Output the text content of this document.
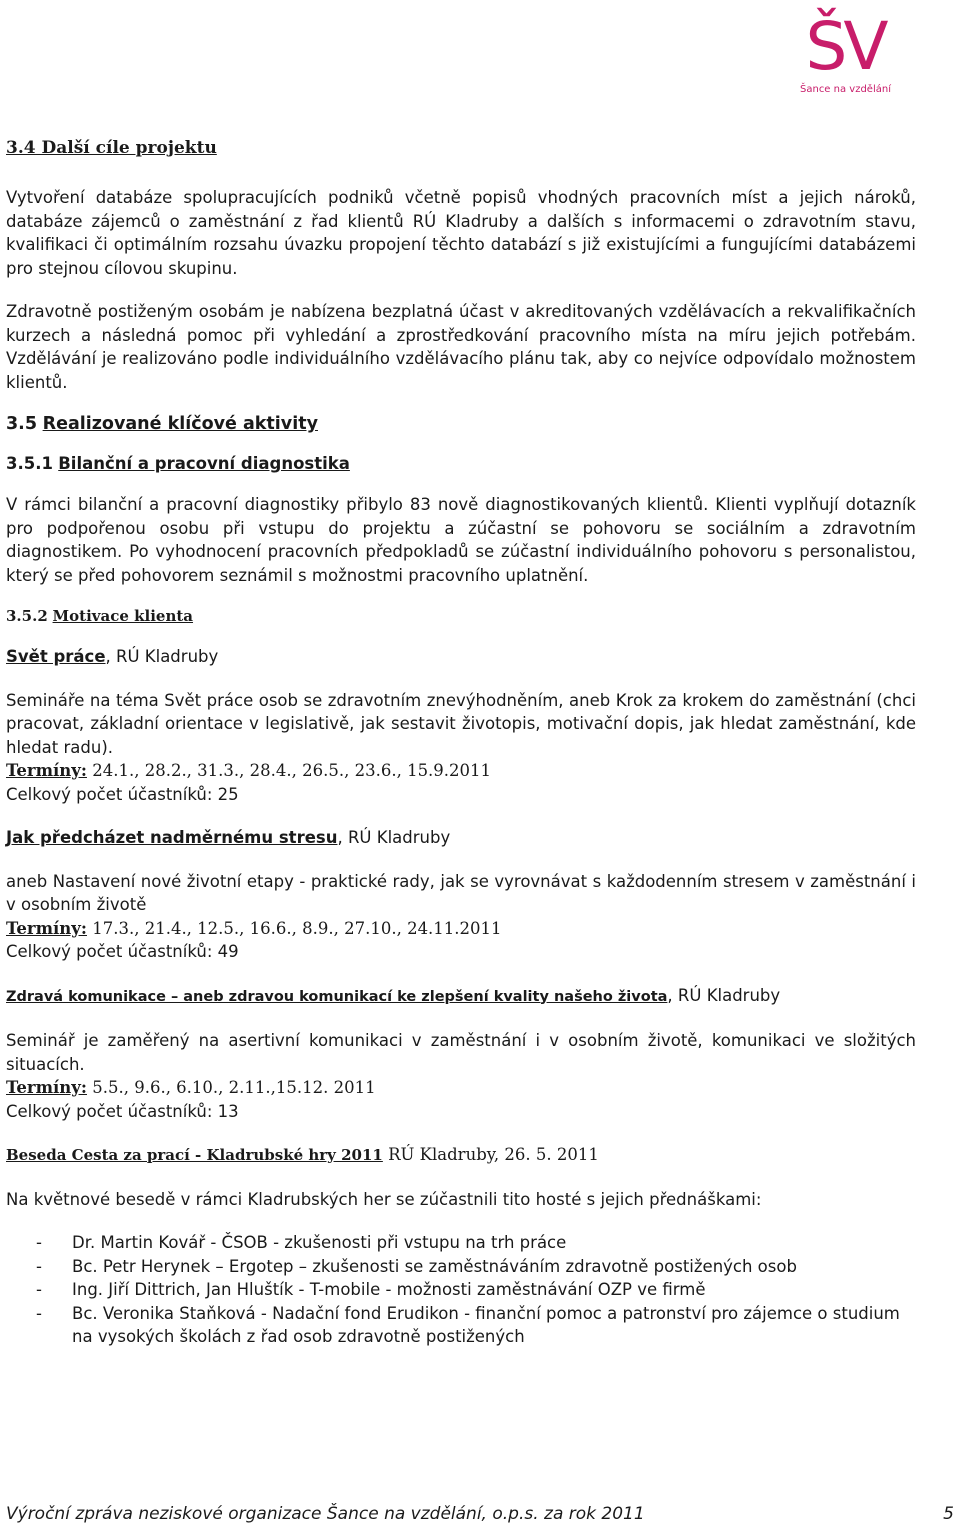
ŠV
Šance na vzdělání
3.4 Další cíle projektu

Vytvoření databáze spolupracujících podniků včetně popisů vhodných pracovních míst a jejich nároků, databáze zájemců o zaměstnání z řad klientů RÚ Kladruby a dalších s informacemi o zdravotním stavu, kvalifikaci či optimálním rozsahu úvazku propojení těchto databází s již existujícími a fungujícími databázemi pro stejnou cílovou skupinu.

Zdravotně postiženým osobám je nabízena bezplatná účast v akreditovaných vzdělávacích a rekvalifikačních kurzech a následná pomoc při vyhledání a zprostředkování pracovního místa na míru jejich potřebám. Vzdělávání je realizováno podle individuálního vzdělávacího plánu tak, aby co nejvíce odpovídalo možnostem klientů.

3.5 Realizované klíčové aktivity
3.5.1 Bilanční a pracovní diagnostika

V rámci bilanční a pracovní diagnostiky přibylo 83 nově diagnostikovaných klientů. Klienti vyplňují dotazník pro podpořenou osobu při vstupu do projektu a zúčastní se pohovoru se sociálním a zdravotním diagnostikem. Po vyhodnocení pracovních předpokladů se zúčastní individuálního pohovoru s personalistou, který se před pohovorem seznámil s možnostmi pracovního uplatnění.

3.5.2 Motivace klienta

Svět práce, RÚ Kladruby

Semináře na téma Svět práce osob se zdravotním znevýhodněním, aneb Krok za krokem do zaměstnání (chci pracovat, základní orientace v legislativě, jak sestavit životopis, motivační dopis, jak hledat zaměstnání, kde hledat radu).

Termíny: 24.1., 28.2., 31.3., 28.4., 26.5., 23.6., 15.9.2011

Celkový počet účastníků: 25

Jak předcházet nadměrnému stresu, RÚ Kladruby

aneb Nastavení nové životní etapy - praktické rady, jak se vyrovnávat s každodenním stresem v zaměstnání i v osobním životě

Termíny: 17.3., 21.4., 12.5., 16.6., 8.9., 27.10., 24.11.2011

Celkový počet účastníků: 49

Zdravá komunikace – aneb zdravou komunikací ke zlepšení kvality našeho života, RÚ Kladruby

Seminář je zaměřený na asertivní komunikaci v zaměstnání i v osobním životě, komunikaci ve složitých situacích.

Termíny: 5.5., 9.6., 6.10., 2.11.,15.12. 2011

Celkový počet účastníků: 13

Beseda Cesta za prací - Kladrubské hry 2011 RÚ Kladruby, 26. 5. 2011

Na květnové besedě v rámci Kladrubských her se zúčastnili tito hosté s jejich přednáškami:

- Dr. Martin Kovář - ČSOB - zkušenosti při vstupu na trh práce
- Bc. Petr Herynek – Ergotep – zkušenosti se zaměstnáváním zdravotně postižených osob
- Ing. Jiří Dittrich, Jan Hluštík - T-mobile - možnosti zaměstnávání OZP ve firmě
- Bc. Veronika Staňková - Nadační fond Erudikon - finanční pomoc a patronství pro zájemce o studium na vysokých školách z řad osob zdravotně postižených
Výroční zpráva neziskové organizace Šance na vzdělání, o.p.s. za rok 2011	5
